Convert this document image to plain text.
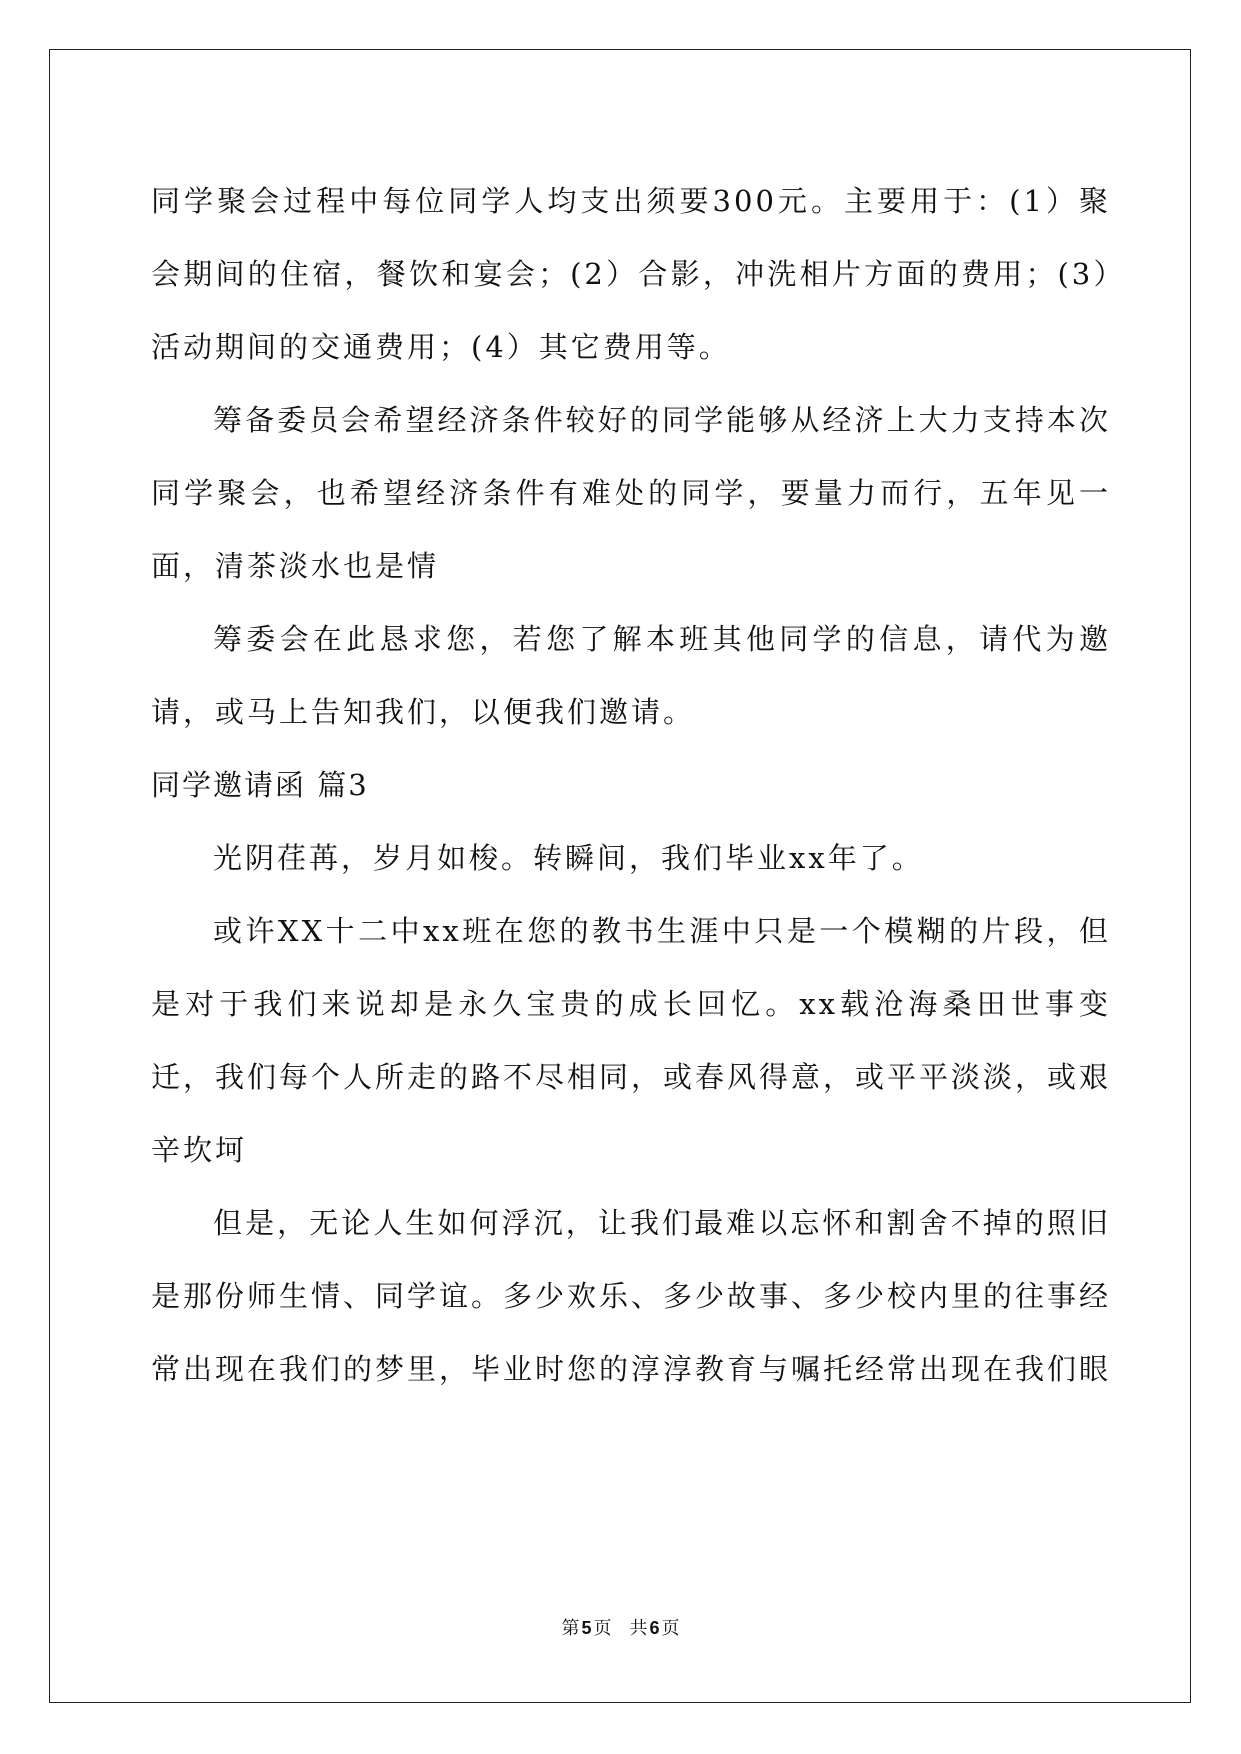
同学聚会过程中每位同学人均支出须要300元。主要用于：(1）聚会期间的住宿，餐饮和宴会；(2）合影，冲洗相片方面的费用；(3）活动期间的交通费用；(4）其它费用等。

筹备委员会希望经济条件较好的同学能够从经济上大力支持本次同学聚会，也希望经济条件有难处的同学，要量力而行，五年见一面，清茶淡水也是情

筹委会在此恳求您，若您了解本班其他同学的信息，请代为邀请，或马上告知我们，以便我们邀请。

同学邀请函 篇3

光阴荏苒，岁月如梭。转瞬间，我们毕业xx年了。

或许XX十二中xx班在您的教书生涯中只是一个模糊的片段，但是对于我们来说却是永久宝贵的成长回忆。xx载沧海桑田世事变迁，我们每个人所走的路不尽相同，或春风得意，或平平淡淡，或艰辛坎坷

但是，无论人生如何浮沉，让我们最难以忘怀和割舍不掉的照旧是那份师生情、同学谊。多少欢乐、多少故事、多少校内里的往事经常出现在我们的梦里，毕业时您的淳淳教育与嘱托经常出现在我们眼

第 5 页 共 6 页
